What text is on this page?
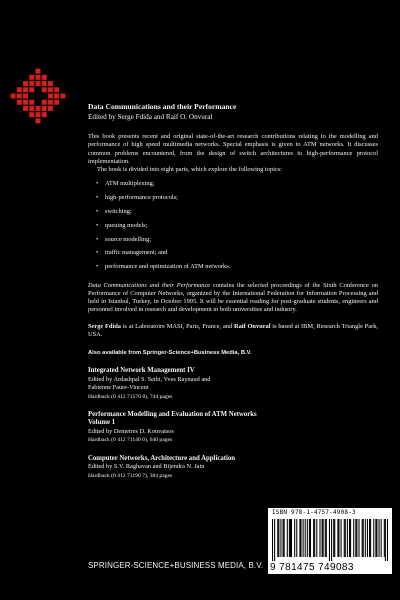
Data Communications and their Performance
Edited by Serge Fdida and Raif O. Onvural

This book presents recent and original state-of-the-art research contributions relating to the modelling and performance of high speed multimedia networks. Special emphasis is given to ATM networks. It discusses common problems encountered, from the design of switch architectures to high-performance protocol implementation.

The book is divided into eight parts, which explore the following topics:

• ATM multiplexing;
• high-performance protocols;
• switching;
• queuing models;
• source modelling;
• traffic management; and
• performance and optimization of ATM networks.

Data Communications and their Performance contains the selected proceedings of the Sixth Conference on Performance of Computer Networks, organized by the International Federation for Information Processing and held in Istanbul, Turkey, in October 1995. It will be essential reading for post-graduate students, engineers and personnel involved in research and development in both universities and industry.

Serge Fdida is at Laboratoire MASI, Paris, France, and Raif Onvural is based at IBM, Research Triangle Park, USA.

Also available from Springer-Science+Business Media, B.V.
Integrated Network Management IV
Edited by Ardashpal S. Sethi, Yves Raynaud and
Fabienne Faure-Vincent
Hardback (0 412 71570 8), 744 pages
Performance Modelling and Evaluation of ATM Networks
Volume 1
Edited by Demetres D. Kouvatsos
Hardback (0 412 71140 0), 640 pages
Computer Networks, Architecture and Application
Edited by S.V. Raghavan and Bijendra N. Jain
Hardback (0 412 71190 7), 384 pages
ISBN 978-1-4757-4908-3
9 781475 749083
SPRINGER-SCIENCE+BUSINESS MEDIA, B.V.
